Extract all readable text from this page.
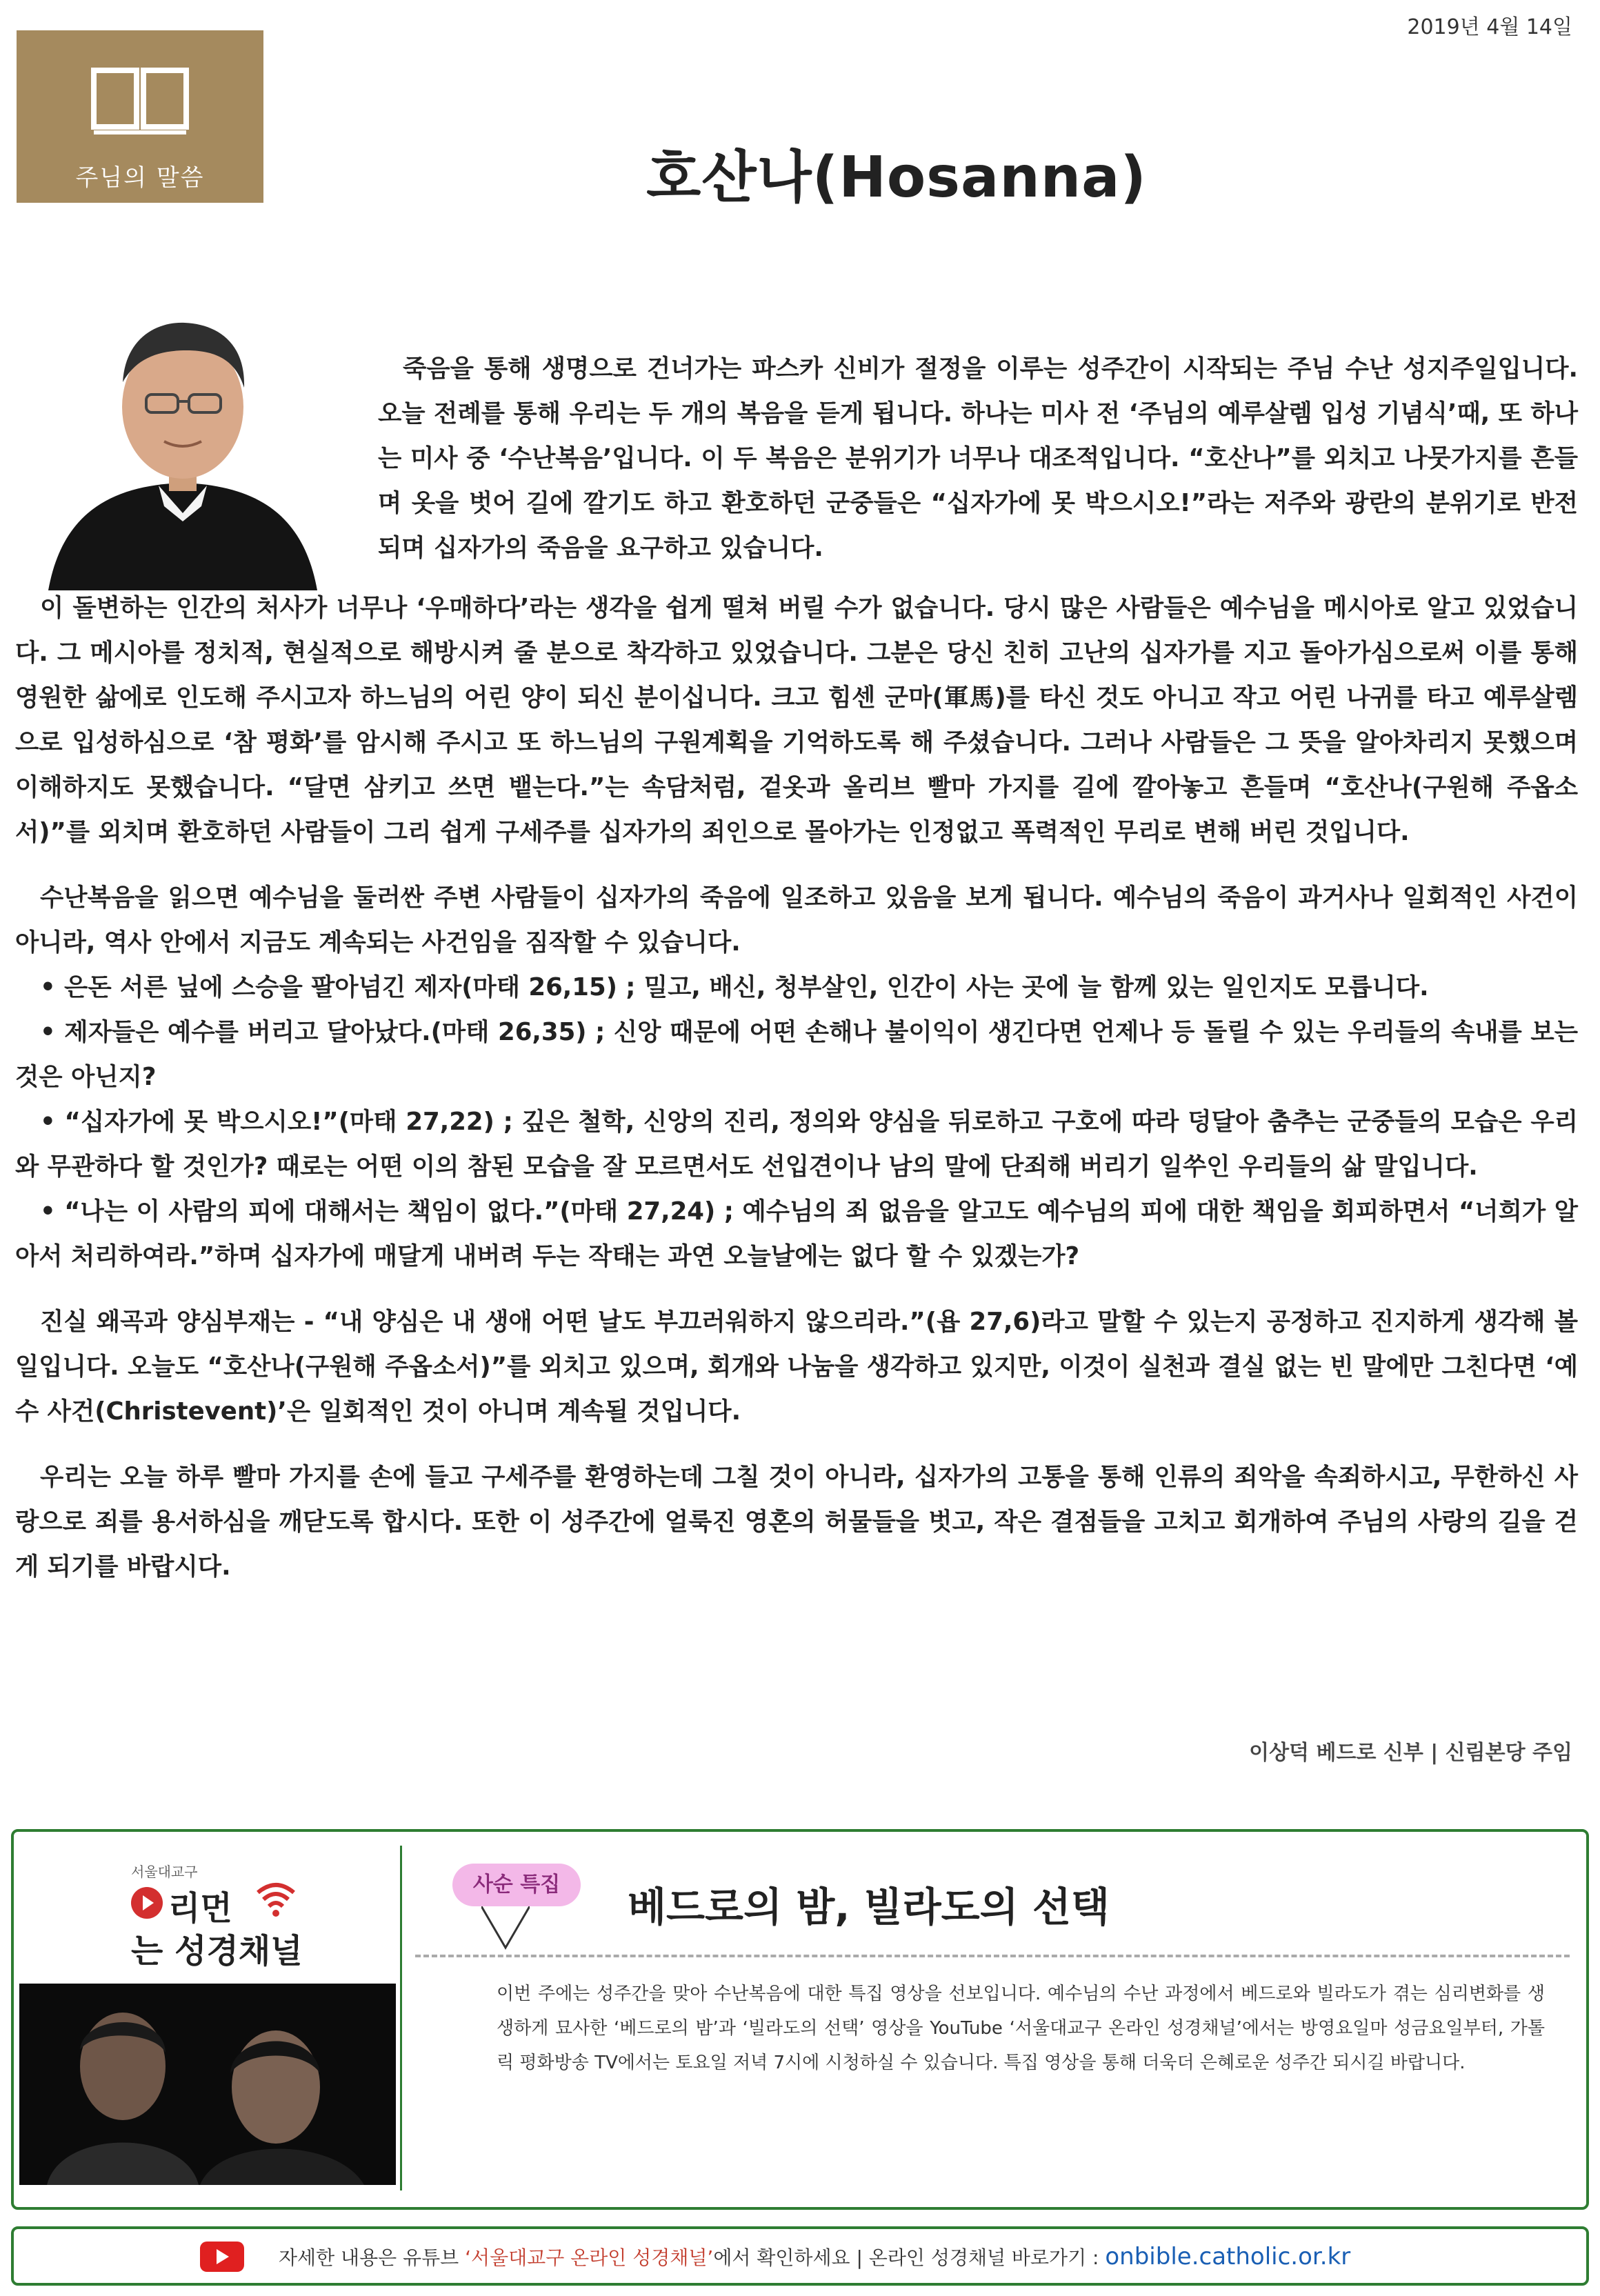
2019년 4월 14일
주님의 말씀	호산나(Hosanna)

죽음을 통해 생명으로 건너가는 파스카 신비가 절정을 이루는 성주간이 시작되는 주님 수난 성지주일입니다. 오늘 전례를 통해 우리는 두 개의 복음을 듣게 됩니다. 하나는 미사 전 ‘주님의 예루살렘 입성 기념식’때, 또 하나는 미사 중 ‘수난복음’입니다. 이 두 복음은 분위기가 너무나 대조적입니다. “호산나”를 외치고 나뭇가지를 흔들며 옷을 벗어 길에 깔기도 하고 환호하던 군중들은 “십자가에 못 박으시오!”라는 저주와 광란의 분위기로 반전되며 십자가의 죽음을 요구하고 있습니다.

이 돌변하는 인간의 처사가 너무나 ‘우매하다’라는 생각을 쉽게 떨쳐 버릴 수가 없습니다. 당시 많은 사람들은 예수님을 메시아로 알고 있었습니다. 그 메시아를 정치적, 현실적으로 해방시켜 줄 분으로 착각하고 있었습니다. 그분은 당신 친히 고난의 십자가를 지고 돌아가심으로써 이를 통해 영원한 삶에로 인도해 주시고자 하느님의 어린 양이 되신 분이십니다. 크고 힘센 군마(軍馬)를 타신 것도 아니고 작고 어린 나귀를 타고 예루살렘으로 입성하심으로 ‘참 평화’를 암시해 주시고 또 하느님의 구원계획을 기억하도록 해 주셨습니다. 그러나 사람들은 그 뜻을 알아차리지 못했으며 이해하지도 못했습니다. “달면 삼키고 쓰면 뱉는다.”는 속담처럼, 겉옷과 올리브 빨마 가지를 길에 깔아놓고 흔들며 “호산나(구원해 주옵소서)”를 외치며 환호하던 사람들이 그리 쉽게 구세주를 십자가의 죄인으로 몰아가는 인정없고 폭력적인 무리로 변해 버린 것입니다.

수난복음을 읽으면 예수님을 둘러싼 주변 사람들이 십자가의 죽음에 일조하고 있음을 보게 됩니다. 예수님의 죽음이 과거사나 일회적인 사건이 아니라, 역사 안에서 지금도 계속되는 사건임을 짐작할 수 있습니다.

• 은돈 서른 닢에 스승을 팔아넘긴 제자(마태 26,15) ; 밀고, 배신, 청부살인, 인간이 사는 곳에 늘 함께 있는 일인지도 모릅니다.

• 제자들은 예수를 버리고 달아났다.(마태 26,35) ; 신앙 때문에 어떤 손해나 불이익이 생긴다면 언제나 등 돌릴 수 있는 우리들의 속내를 보는 것은 아닌지?

• “십자가에 못 박으시오!”(마태 27,22) ; 깊은 철학, 신앙의 진리, 정의와 양심을 뒤로하고 구호에 따라 덩달아 춤추는 군중들의 모습은 우리와 무관하다 할 것인가? 때로는 어떤 이의 참된 모습을 잘 모르면서도 선입견이나 남의 말에 단죄해 버리기 일쑤인 우리들의 삶 말입니다.

• “나는 이 사람의 피에 대해서는 책임이 없다.”(마태 27,24) ; 예수님의 죄 없음을 알고도 예수님의 피에 대한 책임을 회피하면서 “너희가 알아서 처리하여라.”하며 십자가에 매달게 내버려 두는 작태는 과연 오늘날에는 없다 할 수 있겠는가?

진실 왜곡과 양심부재는 - “내 양심은 내 생애 어떤 날도 부끄러워하지 않으리라.”(욥 27,6)라고 말할 수 있는지 공정하고 진지하게 생각해 볼 일입니다. 오늘도 “호산나(구원해 주옵소서)”를 외치고 있으며, 회개와 나눔을 생각하고 있지만, 이것이 실천과 결실 없는 빈 말에만 그친다면 ‘예수 사건(Christevent)’은 일회적인 것이 아니며 계속될 것입니다.

우리는 오늘 하루 빨마 가지를 손에 들고 구세주를 환영하는데 그칠 것이 아니라, 십자가의 고통을 통해 인류의 죄악을 속죄하시고, 무한하신 사랑으로 죄를 용서하심을 깨닫도록 합시다. 또한 이 성주간에 얼룩진 영혼의 허물들을 벗고, 작은 결점들을 고치고 회개하여 주님의 사랑의 길을 걷게 되기를 바랍시다.

이상덕 베드로 신부 | 신림본당 주임
서울대교구
리먼
는 성경채널
사순 특집	베드로의 밤, 빌라도의 선택
이번 주에는 성주간을 맞아 수난복음에 대한 특집 영상을 선보입니다. 예수님의 수난 과정에서 베드로와 빌라도가 겪는 심리변화를 생생하게 묘사한 ‘베드로의 밤’과 ‘빌라도의 선택’ 영상을 YouTube ‘서울대교구 온라인 성경채널’에서는 방영요일마 성금요일부터, 가톨릭 평화방송 TV에서는 토요일 저녁 7시에 시청하실 수 있습니다. 특집 영상을 통해 더욱더 은혜로운 성주간 되시길 바랍니다.
자세한 내용은 유튜브 ‘서울대교구 온라인 성경채널’에서 확인하세요 | 온라인 성경채널 바로가기 : onbible.catholic.or.kr
